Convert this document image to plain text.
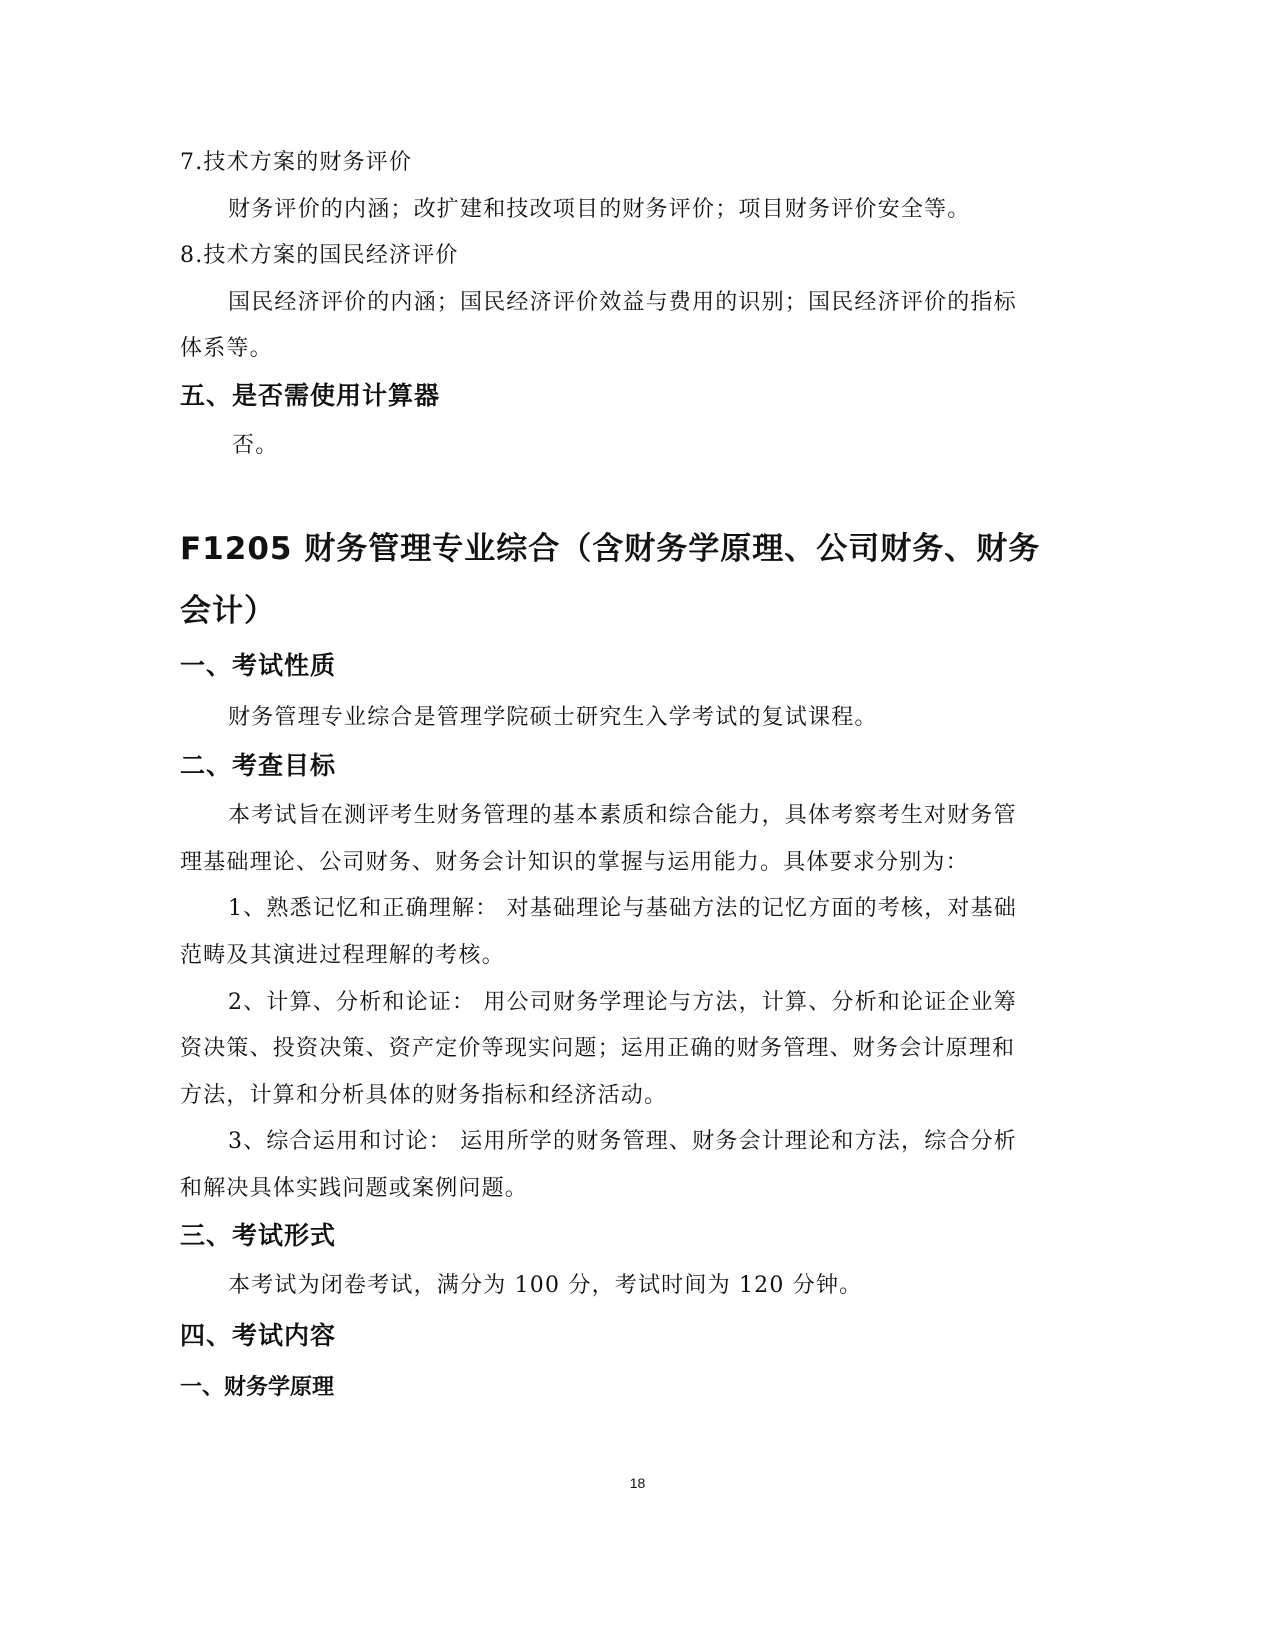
7.技术方案的财务评价
财务评价的内涵；改扩建和技改项目的财务评价；项目财务评价安全等。
8.技术方案的国民经济评价
国民经济评价的内涵；国民经济评价效益与费用的识别；国民经济评价的指标
体系等。
五、是否需使用计算器
否。
F1205 财务管理专业综合（含财务学原理、公司财务、财务
会计）
一、考试性质
财务管理专业综合是管理学院硕士研究生入学考试的复试课程。
二、考查目标
本考试旨在测评考生财务管理的基本素质和综合能力，具体考察考生对财务管
理基础理论、公司财务、财务会计知识的掌握与运用能力。具体要求分别为：
1、熟悉记忆和正确理解： 对基础理论与基础方法的记忆方面的考核，对基础
范畴及其演进过程理解的考核。
2、计算、分析和论证： 用公司财务学理论与方法，计算、分析和论证企业筹
资决策、投资决策、资产定价等现实问题；运用正确的财务管理、财务会计原理和
方法，计算和分析具体的财务指标和经济活动。
3、综合运用和讨论： 运用所学的财务管理、财务会计理论和方法，综合分析
和解决具体实践问题或案例问题。
三、考试形式
本考试为闭卷考试，满分为 100 分，考试时间为 120 分钟。
四、考试内容
一、财务学原理
18
